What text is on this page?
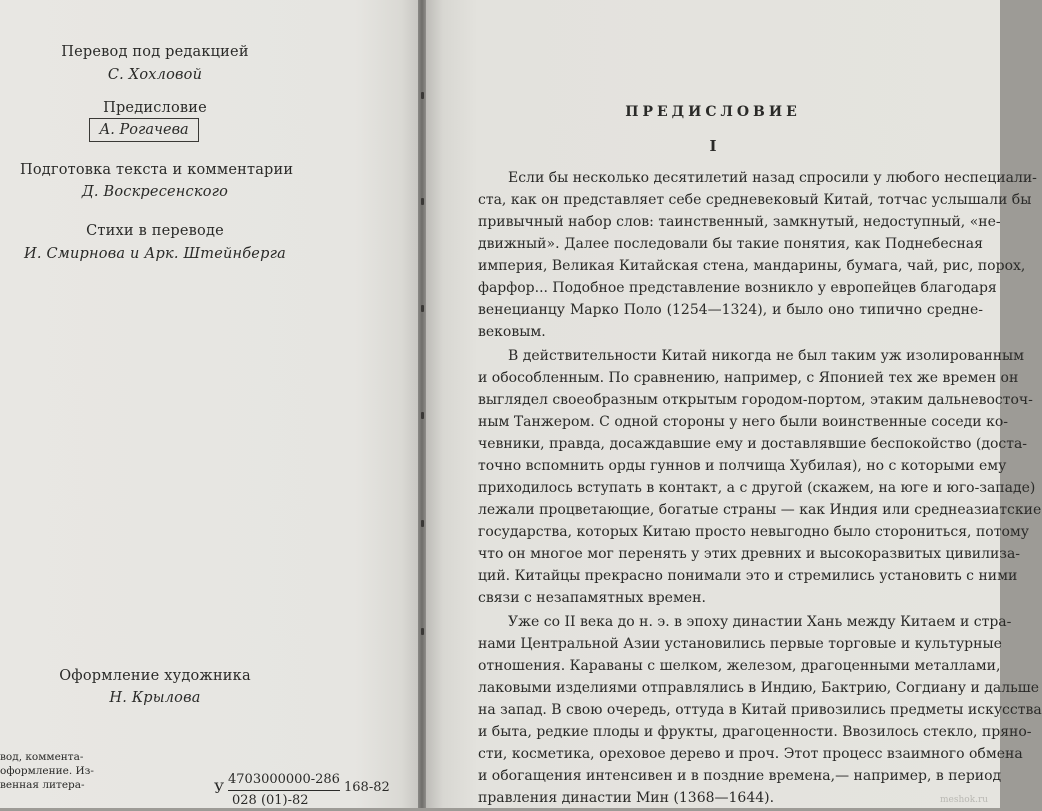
Перевод под редакцией
С. Хохловой
Предисловие
А. Рогачева
Подготовка текста и комментарии
Д. Воскресенского
Стихи в переводе
И. Смирнова и Арк. Штейнберга
Оформление художника
Н. Крылова
вод, коммента-
оформление. Из-
венная литера-	У
4703000000-286
028 (01)-82
168-82
ПРЕДИСЛОВИЕ
I
Если бы несколько десятилетий назад спросили у любого неспециали-
ста, как он представляет себе средневековый Китай, тотчас услышали бы
привычный набор слов: таинственный, замкнутый, недоступный, «не-
движный». Далее последовали бы такие понятия, как Поднебесная
империя, Великая Китайская стена, мандарины, бумага, чай, рис, порох,
фарфор... Подобное представление возникло у европейцев благодаря
венецианцу Марко Поло (1254—1324), и было оно типично средне-
вековым.
В действительности Китай никогда не был таким уж изолированным
и обособленным. По сравнению, например, с Японией тех же времен он
выглядел своеобразным открытым городом-портом, этаким дальневосточ-
ным Танжером. С одной стороны у него были воинственные соседи ко-
чевники, правда, досаждавшие ему и доставлявшие беспокойство (доста-
точно вспомнить орды гуннов и полчища Хубилая), но с которыми ему
приходилось вступать в контакт, а с другой (скажем, на юге и юго-западе)
лежали процветающие, богатые страны — как Индия или среднеазиатские
государства, которых Китаю просто невыгодно было сторониться, потому
что он многое мог перенять у этих древних и высокоразвитых цивилиза-
ций. Китайцы прекрасно понимали это и стремились установить с ними
связи с незапамятных времен.
Уже со II века до н. э. в эпоху династии Хань между Китаем и стра-
нами Центральной Азии установились первые торговые и культурные
отношения. Караваны с шелком, железом, драгоценными металлами,
лаковыми изделиями отправлялись в Индию, Бактрию, Согдиану и дальше
на запад. В свою очередь, оттуда в Китай привозились предметы искусства
и быта, редкие плоды и фрукты, драгоценности. Ввозилось стекло, пряно-
сти, косметика, ореховое дерево и проч. Этот процесс взаимного обмена
и обогащения интенсивен и в поздние времена,— например, в период
правления династии Мин (1368—1644).	meshok.ru
